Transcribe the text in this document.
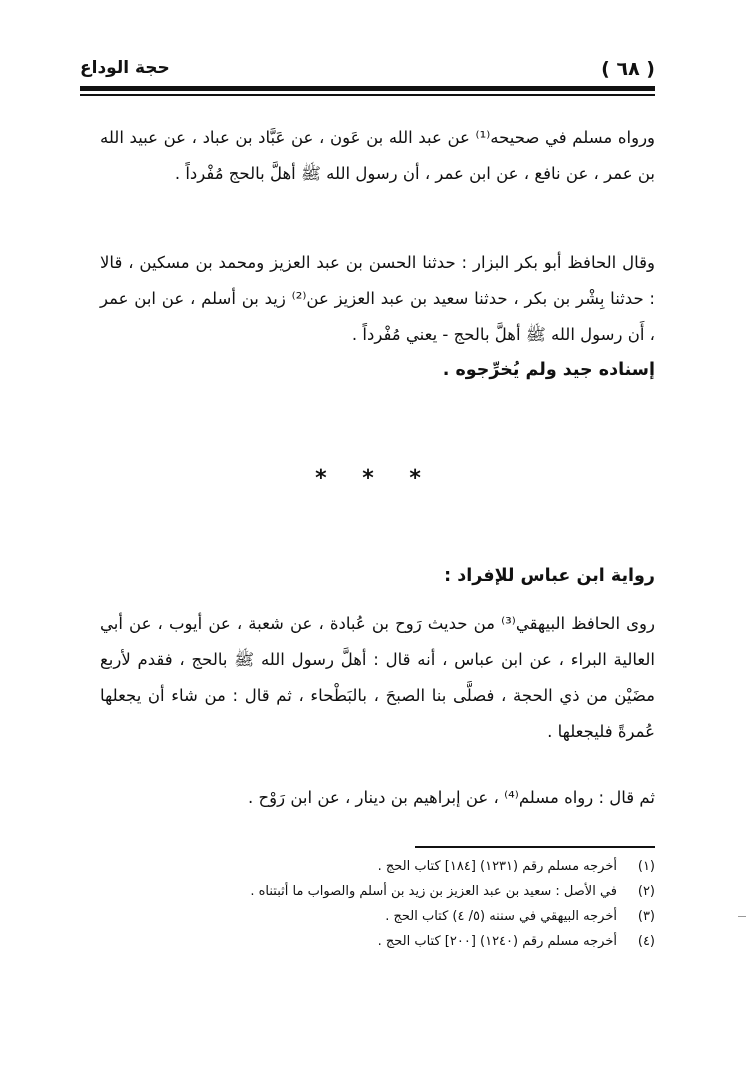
( ٦٨ )
حجة الوداع
ورواه مسلم في صحيحه⁽¹⁾ عن عبد الله بن عَون ، عن عَبَّاد بن عباد ، عن عبيد الله بن عمر ، عن نافع ، عن ابن عمر ، أن رسول الله ﷺ أهلَّ بالحج مُفْرداً .
وقال الحافظ أبو بكر البزار : حدثنا الحسن بن عبد العزيز ومحمد بن مسكين ، قالا : حدثنا بِشْر بن بكر ، حدثنا سعيد بن عبد العزيز عن⁽²⁾ زيد بن أسلم ، عن ابن عمر ، أَن رسول الله ﷺ أهلَّ بالحج - يعني مُفْرداً .
إسناده جيد ولم يُخرِّجوه .
* * *
رواية ابن عباس للإفراد :
روى الحافظ البيهقي⁽³⁾ من حديث رَوح بن عُبادة ، عن شعبة ، عن أيوب ، عن أبي العالية البراء ، عن ابن عباس ، أنه قال : أهلَّ رسول الله ﷺ بالحج ، فقدم لأربع مضَيْن من ذي الحجة ، فصلَّى بنا الصبحَ ، بالبَطْحاء ، ثم قال : من شاء أن يجعلها عُمرةً فليجعلها .
ثم قال : رواه مسلم⁽⁴⁾ ، عن إبراهيم بن دينار ، عن ابن رَوْح .
(١)أخرجه مسلم رقم (١٢٣١) [١٨٤] كتاب الحج .
(٢)في الأصل : سعيد بن عبد العزيز بن زيد بن أسلم والصواب ما أثبتناه .
(٣)أخرجه البيهقي في سننه (٥/ ٤) كتاب الحج .
(٤)أخرجه مسلم رقم (١٢٤٠) [٢٠٠] كتاب الحج .
